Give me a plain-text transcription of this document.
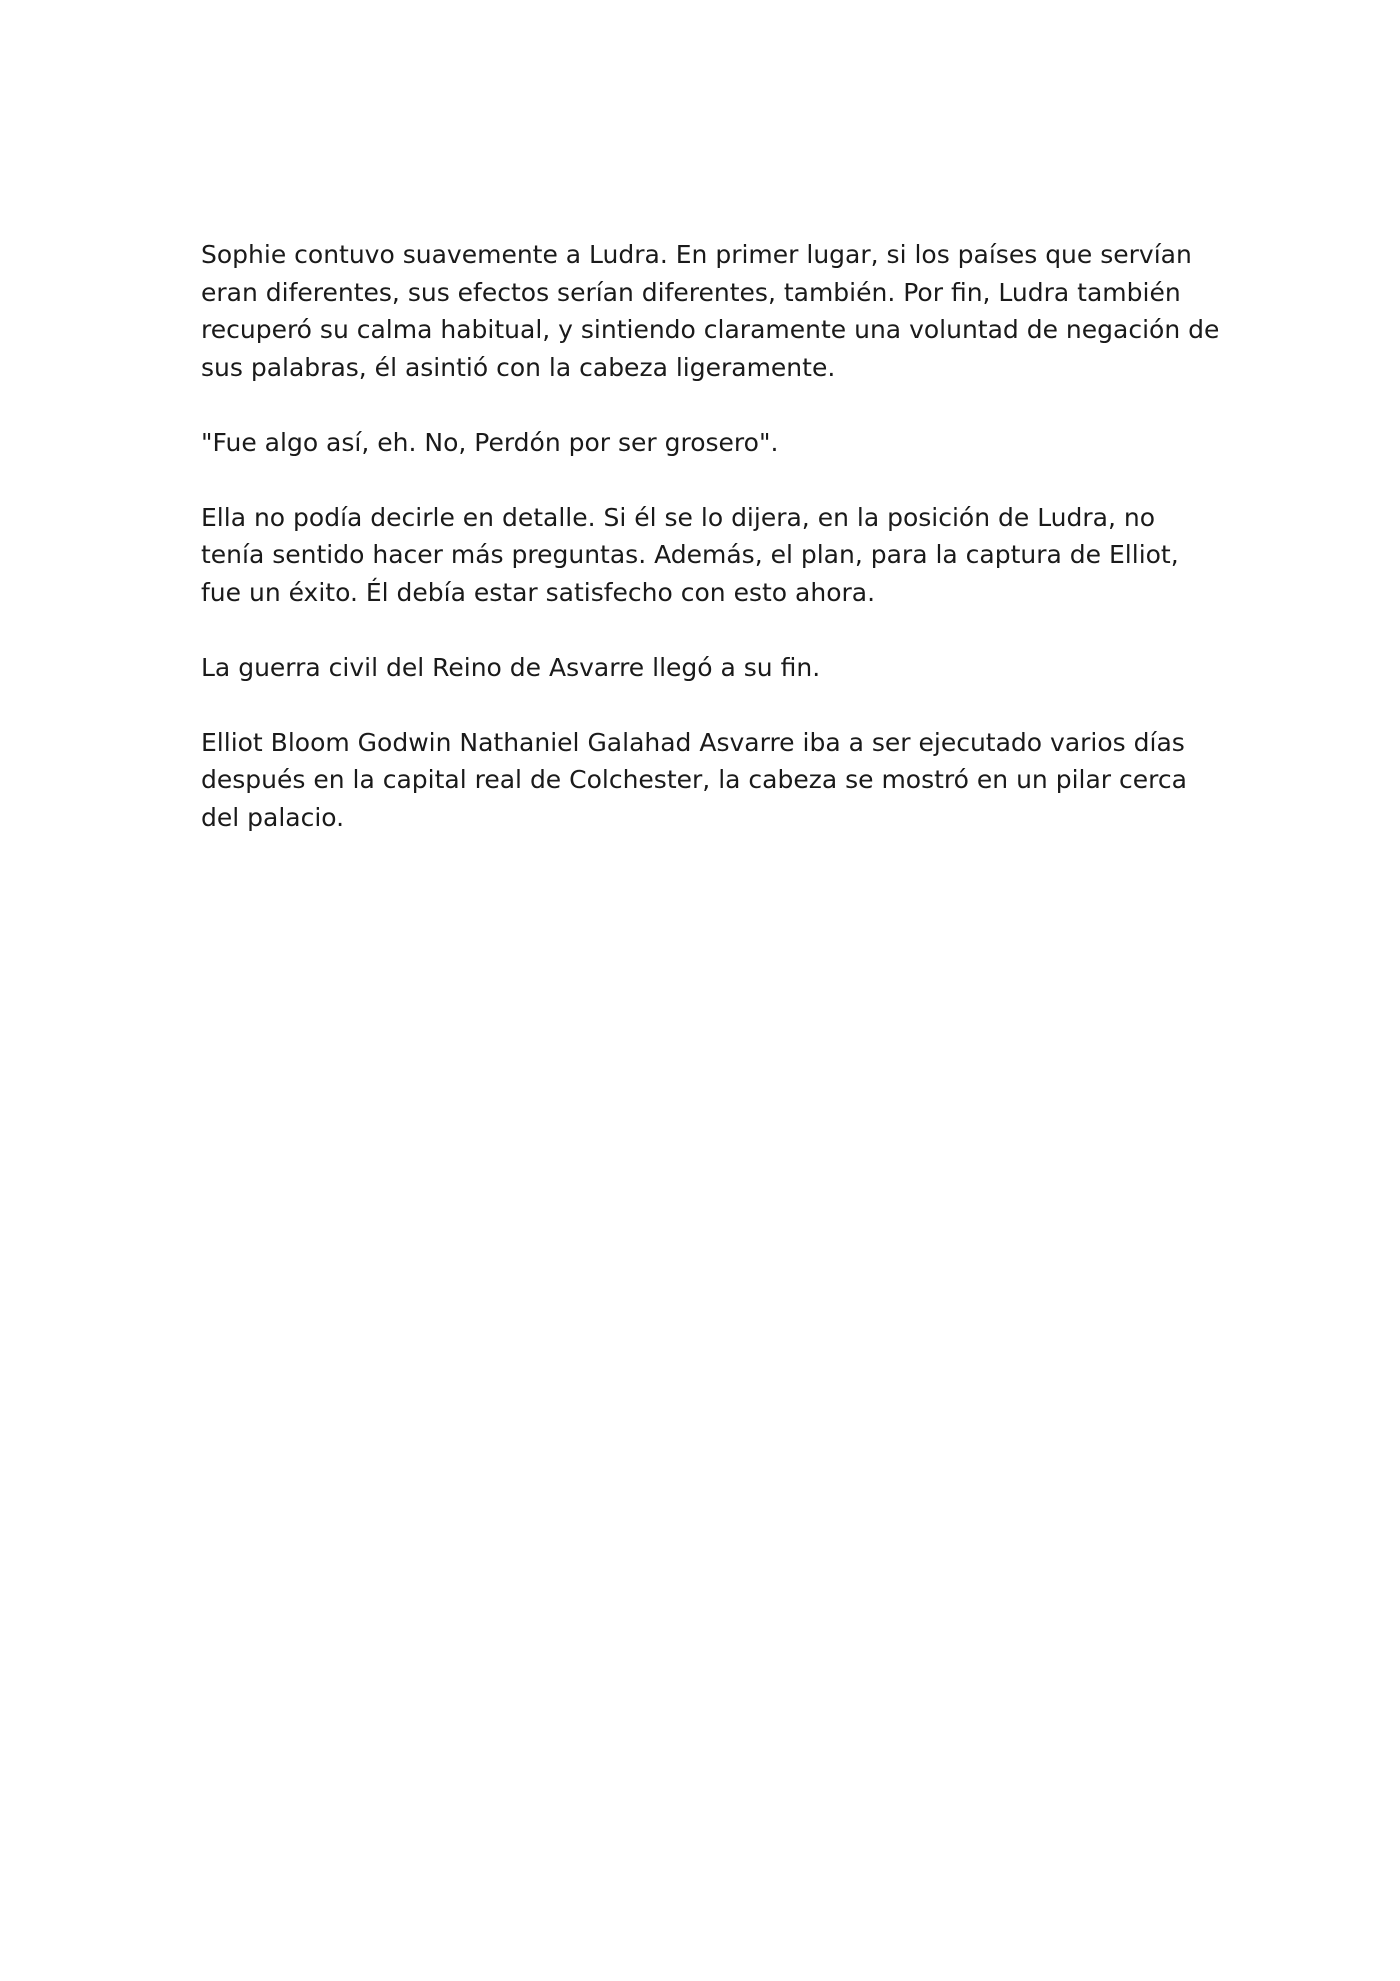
Sophie contuvo suavemente a Ludra. En primer lugar, si los países que servían
eran diferentes, sus efectos serían diferentes, también. Por fin, Ludra también
recuperó su calma habitual, y sintiendo claramente una voluntad de negación de
sus palabras, él asintió con la cabeza ligeramente.

"Fue algo así, eh. No, Perdón por ser grosero".

Ella no podía decirle en detalle. Si él se lo dijera, en la posición de Ludra, no
tenía sentido hacer más preguntas. Además, el plan, para la captura de Elliot,
fue un éxito. Él debía estar satisfecho con esto ahora.

La guerra civil del Reino de Asvarre llegó a su fin.

Elliot Bloom Godwin Nathaniel Galahad Asvarre iba a ser ejecutado varios días
después en la capital real de Colchester, la cabeza se mostró en un pilar cerca
del palacio.
